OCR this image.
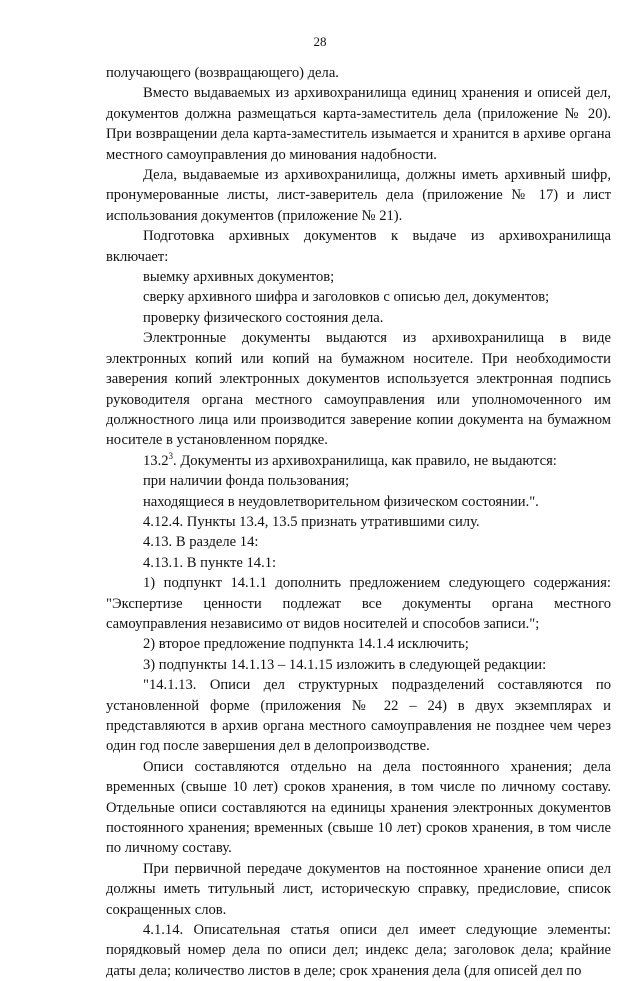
28

получающего (возвращающего) дела.

Вместо выдаваемых из архивохранилища единиц хранения и описей дел, документов должна размещаться карта-заместитель дела (приложение № 20). При возвращении дела карта-заместитель изымается и хранится в архиве органа местного самоуправления до минования надобности.

Дела, выдаваемые из архивохранилища, должны иметь архивный шифр, пронумерованные листы, лист-заверитель дела (приложение № 17) и лист использования документов (приложение № 21).

Подготовка архивных документов к выдаче из архивохранилища включает:

выемку архивных документов;

сверку архивного шифра и заголовков с описью дел, документов;

проверку физического состояния дела.

Электронные документы выдаются из архивохранилища в виде электронных копий или копий на бумажном носителе. При необходимости заверения копий электронных документов используется электронная подпись руководителя органа местного самоуправления или уполномоченного им должностного лица или производится заверение копии документа на бумажном носителе в установленном порядке.

13.2$^3$. Документы из архивохранилища, как правило, не выдаются:

при наличии фонда пользования;

находящиеся в неудовлетворительном физическом состоянии.".

4.12.4. Пункты 13.4, 13.5 признать утратившими силу.

4.13. В разделе 14:

4.13.1. В пункте 14.1:

1) подпункт 14.1.1 дополнить предложением следующего содержания: "Экспертизе ценности подлежат все документы органа местного самоуправления независимо от видов носителей и способов записи.";

2) второе предложение подпункта 14.1.4 исключить;

3) подпункты 14.1.13 – 14.1.15 изложить в следующей редакции:

"14.1.13. Описи дел структурных подразделений составляются по установленной форме (приложения № 22 – 24) в двух экземплярах и представляются в архив органа местного самоуправления не позднее чем через один год после завершения дел в делопроизводстве.

Описи составляются отдельно на дела постоянного хранения; дела временных (свыше 10 лет) сроков хранения, в том числе по личному составу. Отдельные описи составляются на единицы хранения электронных документов постоянного хранения; временных (свыше 10 лет) сроков хранения, в том числе по личному составу.

При первичной передаче документов на постоянное хранение описи дел должны иметь титульный лист, историческую справку, предисловие, список сокращенных слов.

4.1.14. Описательная статья описи дел имеет следующие элементы: порядковый номер дела по описи дел; индекс дела; заголовок дела; крайние даты дела; количество листов в деле; срок хранения дела (для описей дел по
